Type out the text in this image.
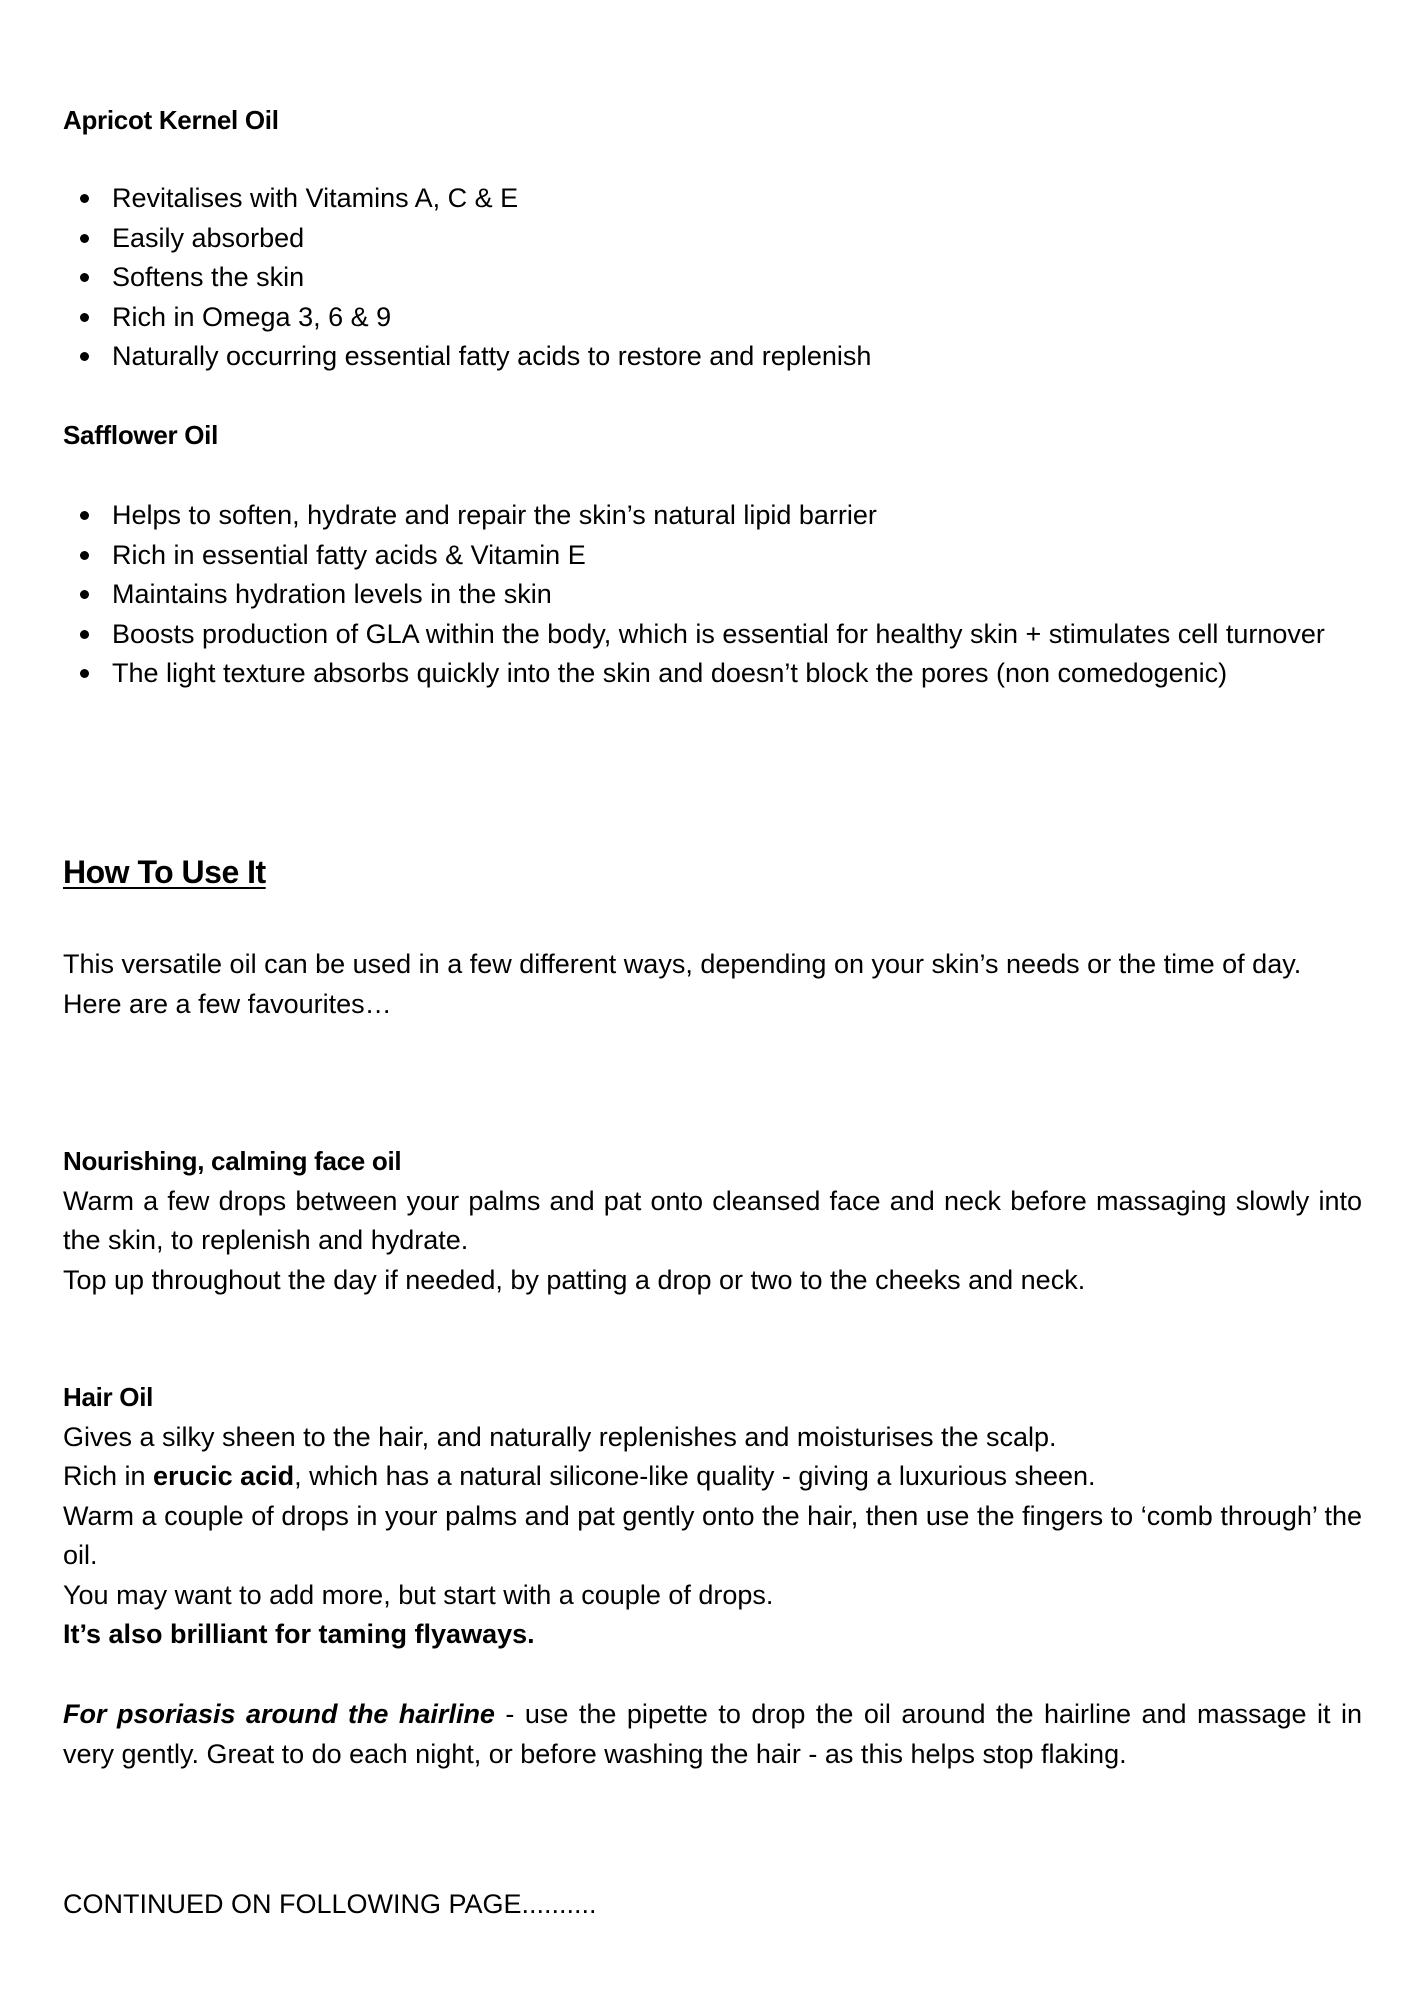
Apricot Kernel Oil
Revitalises with Vitamins A, C & E
Easily absorbed
Softens the skin
Rich in Omega 3, 6 & 9
Naturally occurring essential fatty acids to restore and replenish
Safflower Oil
Helps to soften, hydrate and repair the skin’s natural lipid barrier
Rich in essential fatty acids & Vitamin E
Maintains hydration levels in the skin
Boosts production of GLA within the body, which is essential for healthy skin + stimulates cell turnover
The light texture absorbs quickly into the skin and doesn’t block the pores (non comedogenic)
How To Use It

This versatile oil can be used in a few different ways, depending on your skin’s needs or the time of day.

Here are a few favourites…

Nourishing, calming face oil

Warm a few drops between your palms and pat onto cleansed face and neck before massaging slowly into the skin, to replenish and hydrate.

Top up throughout the day if needed, by patting a drop or two to the cheeks and neck.

Hair Oil

Gives a silky sheen to the hair, and naturally replenishes and moisturises the scalp.

Rich in erucic acid, which has a natural silicone-like quality - giving a luxurious sheen.

Warm a couple of drops in your palms and pat gently onto the hair, then use the fingers to ‘comb through’ the oil.

You may want to add more, but start with a couple of drops.

It’s also brilliant for taming flyaways.

For psoriasis around the hairline - use the pipette to drop the oil around the hairline and massage it in very gently. Great to do each night, or before washing the hair - as this helps stop flaking.

CONTINUED ON FOLLOWING PAGE..........
